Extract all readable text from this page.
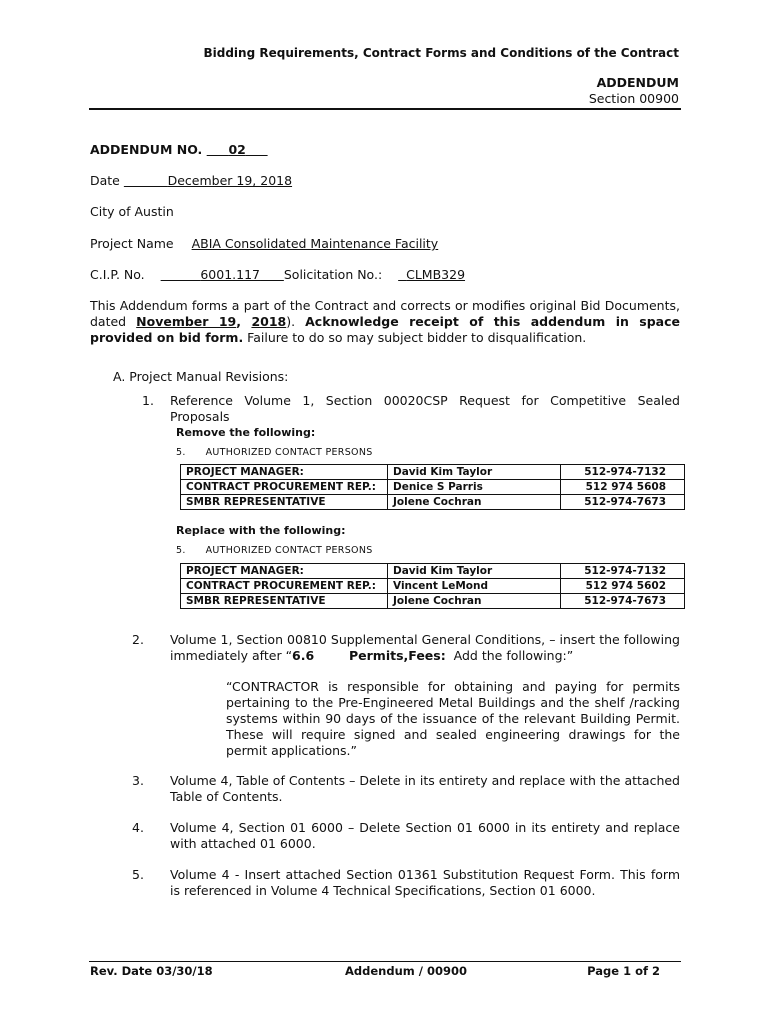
Bidding Requirements, Contract Forms and Conditions of the Contract
ADDENDUM
Section 00900
ADDENDUM NO. 02
Date	December 19, 2018
City of Austin
Project Name ABIA Consolidated Maintenance Facility
C.I.P. No.	6001.117 Solicitation No.: CLMB329
This Addendum forms a part of the Contract and corrects or modifies original Bid Documents, dated November 19, 2018). Acknowledge receipt of this addendum in space provided on bid form. Failure to do so may subject bidder to disqualification.
A. Project Manual Revisions:
1. Reference Volume 1, Section 00020CSP Request for Competitive Sealed Proposals
Remove the following:
5.      AUTHORIZED CONTACT PERSONS
PROJECT MANAGER:	David Kim Taylor	512-974-7132
CONTRACT PROCUREMENT REP.:	Denice S Parris	512 974 5608
SMBR REPRESENTATIVE	Jolene Cochran	512-974-7673
Replace with the following:
5.      AUTHORIZED CONTACT PERSONS
PROJECT MANAGER:	David Kim Taylor	512-974-7132
CONTRACT PROCUREMENT REP.:	Vincent LeMond	512 974 5602
SMBR REPRESENTATIVE	Jolene Cochran	512-974-7673
2. Volume 1, Section 00810 Supplemental General Conditions, – insert the following immediately after “6.6        Permits,Fees:  Add the following:”
“CONTRACTOR is responsible for obtaining and paying for permits pertaining to the Pre-Engineered Metal Buildings and the shelf /racking systems within 90 days of the issuance of the relevant Building Permit. These will require signed and sealed engineering drawings for the permit applications.”
3. Volume 4, Table of Contents – Delete in its entirety and replace with the attached Table of Contents.
4. Volume 4, Section 01 6000 – Delete Section 01 6000 in its entirety and replace with attached 01 6000.
5. Volume 4 - Insert attached Section 01361 Substitution Request Form. This form is referenced in Volume 4 Technical Specifications, Section 01 6000.
Rev. Date 03/30/18	Addendum / 00900	Page 1 of 2
